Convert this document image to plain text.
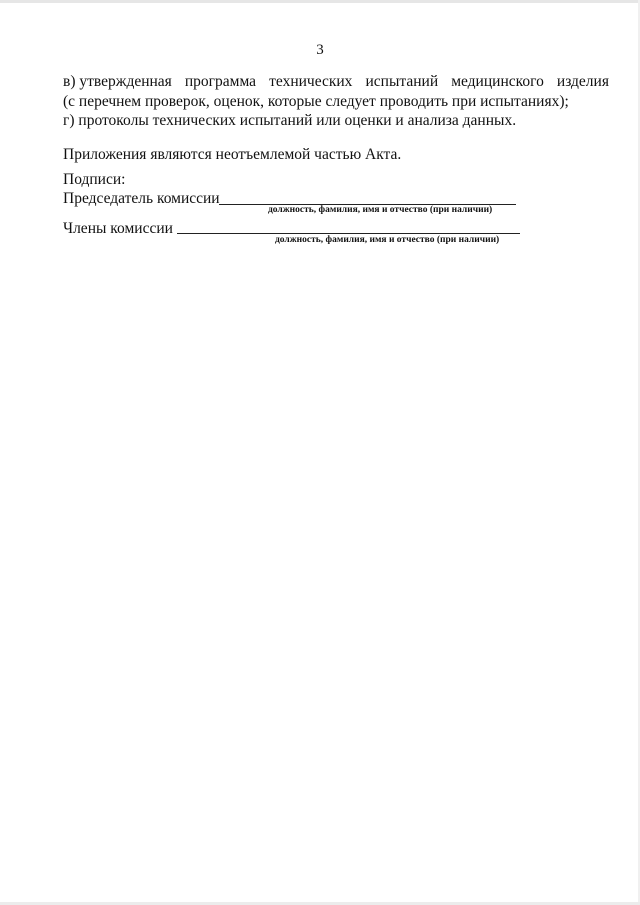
3
в) утвержденная программа технических испытаний медицинского изделия
(с перечнем проверок, оценок, которые следует проводить при испытаниях);
г) протоколы технических испытаний или оценки и анализа данных.
Приложения являются неотъемлемой частью Акта.
Подписи:
Председатель комиссии
должность, фамилия, имя и отчество (при наличии)
Члены комиссии
должность, фамилия, имя и отчество (при наличии)
